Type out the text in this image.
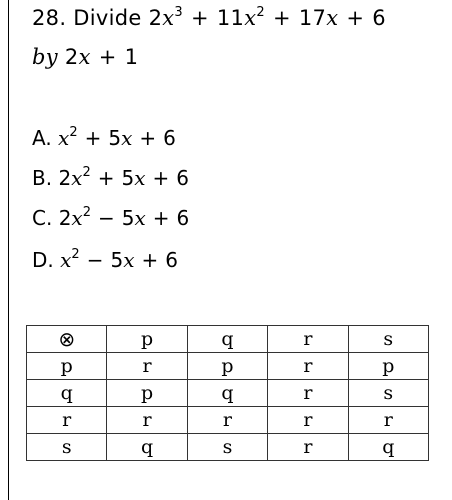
28. Divide $2x^3 + 11x^2 + 17x + 6$
by 2x + 1
A. $x^2 + 5x + 6$
B. $2x^2 + 5x + 6$
C. $2x^2 - 5x + 6$
D. $x^2 - 5x + 6$
⊗	p	q	r	s
p	r	p	r	p
q	p	q	r	s
r	r	r	r	r
s	q	s	r	q
